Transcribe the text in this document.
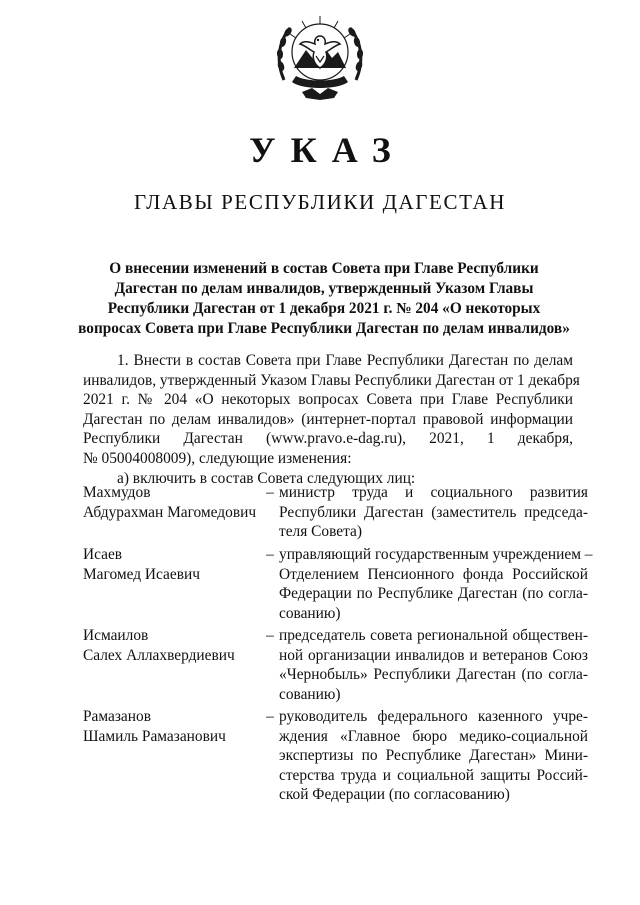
УКАЗ
ГЛАВЫ РЕСПУБЛИКИ ДАГЕСТАН
О внесении изменений в состав Совета при Главе Республики
Дагестан по делам инвалидов, утвержденный Указом Главы
Республики Дагестан от 1 декабря 2021 г. № 204 «О некоторых
вопросах Совета при Главе Республики Дагестан по делам инвалидов»
1. Внести в состав Совета при Главе Республики Дагестан по делам
инвалидов, утвержденный Указом Главы Республики Дагестан от 1 декабря
2021 г. № 204 «О некоторых вопросах Совета при Главе Республики
Дагестан по делам инвалидов» (интернет-портал правовой информации
Республики Дагестан (www.pravo.e-dag.ru), 2021, 1 декабря,
№ 05004008009), следующие изменения:
а) включить в состав Совета следующих лиц:
Махмудов
Абдурахман Магомедович
– министр труда и социального развития
Республики Дагестан (заместитель председа-
теля Совета)
Исаев
Магомед Исаевич
– управляющий государственным учреждением –
Отделением Пенсионного фонда Российской
Федерации по Республике Дагестан (по согла-
сованию)
Исмаилов
Салех Аллахвердиевич
– председатель совета региональной обществен-
ной организации инвалидов и ветеранов Союз
«Чернобыль» Республики Дагестан (по согла-
сованию)
Рамазанов
Шамиль Рамазанович
– руководитель федерального казенного учре-
ждения «Главное бюро медико-социальной
экспертизы по Республике Дагестан» Мини-
стерства труда и социальной защиты Россий-
ской Федерации (по согласованию)
